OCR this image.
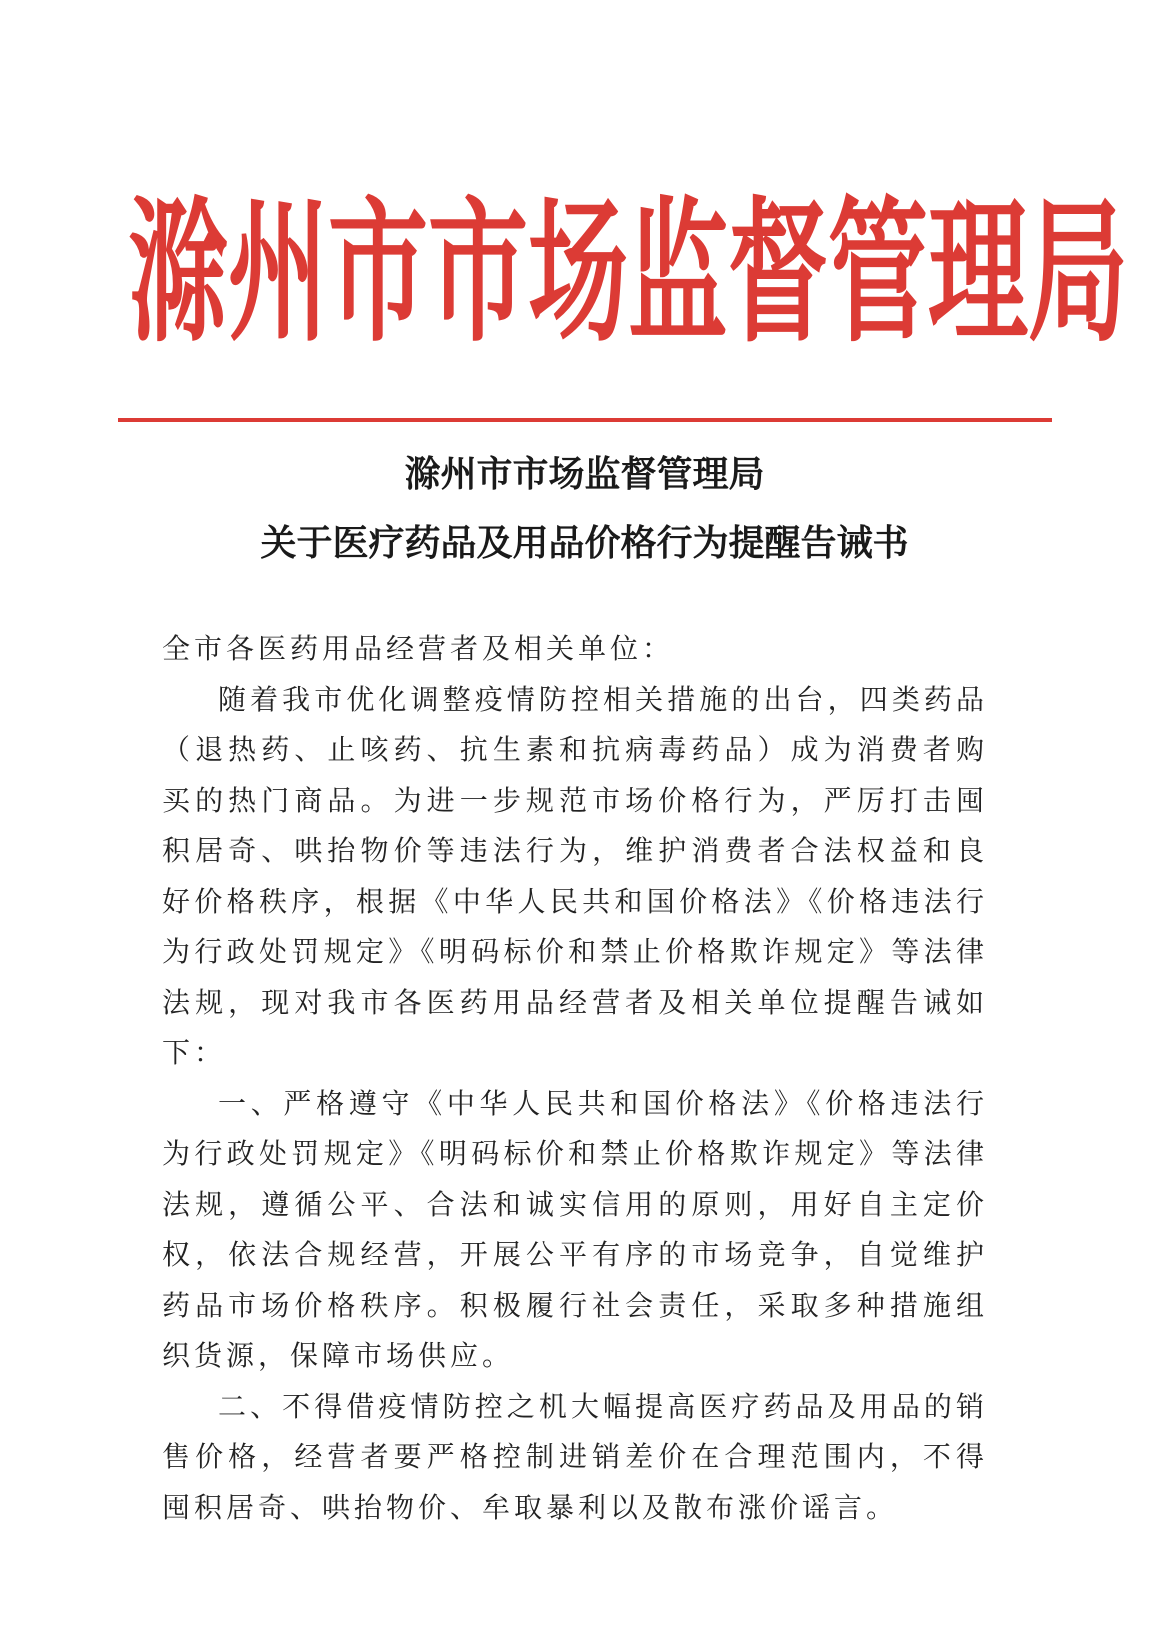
滁 州 市 市 场 监 督 管 理 局
滁州市市场监督管理局
关于医疗药品及用品价格行为提醒告诫书

全市各医药用品经营者及相关单位：

随着我市优化调整疫情防控相关措施的出台，四类药品（退热药、止咳药、抗生素和抗病毒药品）成为消费者购买的热门商品。为进一步规范市场价格行为，严厉打击囤积居奇、哄抬物价等违法行为，维护消费者合法权益和良好价格秩序，根据《中华人民共和国价格法》《价格违法行为行政处罚规定》《明码标价和禁止价格欺诈规定》等法律法规，现对我市各医药用品经营者及相关单位提醒告诫如下：

一、严格遵守《中华人民共和国价格法》《价格违法行为行政处罚规定》《明码标价和禁止价格欺诈规定》等法律法规，遵循公平、合法和诚实信用的原则，用好自主定价权，依法合规经营，开展公平有序的市场竞争，自觉维护药品市场价格秩序。积极履行社会责任，采取多种措施组织货源，保障市场供应。

二、不得借疫情防控之机大幅提高医疗药品及用品的销售价格，经营者要严格控制进销差价在合理范围内，不得囤积居奇、哄抬物价、牟取暴利以及散布涨价谣言。
